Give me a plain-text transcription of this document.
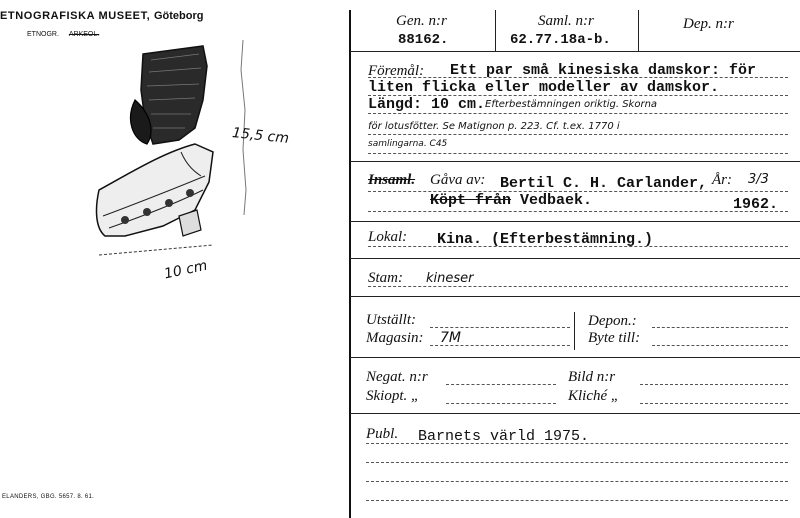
ETNOGRAFISKA MUSEET, Göteborg
ETNOGR. ARKEOL.
15,5 cm
10 cm
ELANDERS, GBG. 5657. 8. 61.
Gen. n:r
88162.
Saml. n:r
62.77.18a-b.
Dep. n:r
Föremål: Ett par små kinesiska damskor: för
liten flicka eller modeller av damskor.
Längd: 10 cm. Efterbestämningen oriktig. Skorna
för lotusfötter. Se Matignon p. 223. Cf. t.ex. 1770 i
samlingarna. C45
Insaml. Gåva av: Bertil C. H. Carlander,
Köpt från Vedbaek.
År: 3/3
1962.
Lokal: Kina. (Efterbestämning.)
Stam: kineser
Utställt:
Magasin: 7M
Depon.:
Byte till:
Negat. n:r	Bild n:r
Skiopt. „	Kliché „
Publ. Barnets värld 1975.
